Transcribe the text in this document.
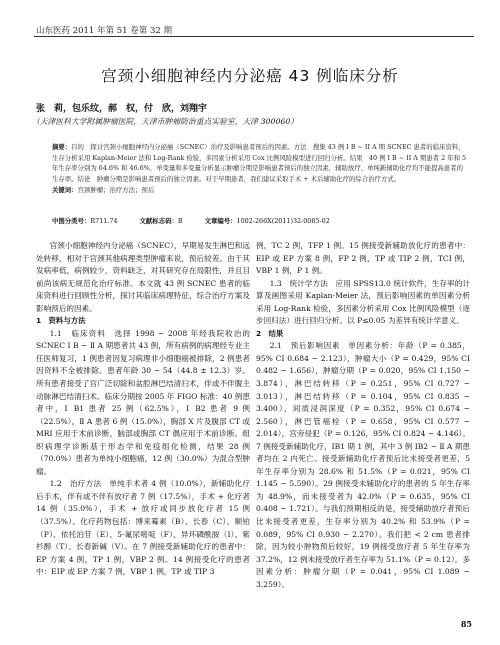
山东医药 2011 年第 51 卷第 32 期
宫颈小细胞神经内分泌癌 43 例临床分析
张　莉，包乐纹，郝　权，付　欣，刘翔宇
（天津医科大学附属肿瘤医院，天津市肿瘤防治重点实验室，天津 300060）

摘要：目的　探讨宫颈小细胞神经内分泌癌（SCNEC）治疗及影响患者预后的因素。方法　搜集 43 例 I B ~ II A 期 SCNEC 患者的临床资料，生存分析采用 Kaplan-Meier 法和 Log-Rank 检验，多因素分析采用 Cox 比例风险模型进行回归分析。结果　40 例 I B ~ II A 期患者 2 年和 5 年生存率分别为 64.6% 和 46.6%，单变量和多变量分析显示肿瘤分期是影响患者预后的独立因素，辅助放疗、单纯新辅助化疗均不能提高患者的生存率。结论　肿瘤分期是影响患者预后的独立因素。对于早期患者，我们建议采取手术 + 术后辅助化疗的综合治疗方式。

关键词：宫颈肿瘤；治疗方法；预后

中图分类号：R711.74	文献标志码：B	文章编号：1002-266X(2011)32-0085-02

宫颈小细胞神经内分泌癌（SCNEC），早期易发生淋巴和远处转移，相对于宫颈其他病理类型肿瘤来说，预后较差。由于其发病率低，病例较少，资料缺乏，对其研究存在局限性，并且目前尚该病无规范化治疗标准。本文就 43 例 SCNEC 患者的临床资料进行回顾性分析，探讨其临床病理特征、综合治疗方案及影响预后的因素。

1　资料与方法

1.1　临床资料　选择 1998 ~ 2008 年经我院收治的 SCNEC Ⅰ B ~ Ⅱ A 期患者共 43 例，所有病例的病理经专业主任医师复习，1 例患者因复习病理非小细胞癌被排除，2 例患者因资料不全被排除。患者年龄 30 ~ 54（44.8 ± 12.3）岁。所有患者接受了宫广泛切除和盆腔淋巴结清扫术，伴或不伴腹主动脉淋巴结清扫术。临床分期按 2005 年 FIGO 标准：40 例患者中，Ⅰ B1 患者 25 例（62.5%），Ⅰ B2 患者 9 例（22.5%），Ⅱ A 患者 6 例（15.0%），胸部 X 片及腹部 CT 或 MRI 应用于术前诊断，脑部或胸部 CT 偶应用于术前诊断。组织病理学诊断基于形态学和免疫组化检测，结果 28 例（70.0%）患者为单纯小细胞癌，12 例（30.0%）为混合型肿瘤。

1.2　治疗方法　单纯手术者 4 例（10.0%），新辅助化疗后手术，伴有或不伴有放疗者 7 例（17.5%），手术 + 化疗者 14 例（35.0%），手术 + 放疗或同步放化疗者 15 例（37.5%）。化疗药物包括：博来霉素（B）、长春（C）、顺铂（P）、依托泊苷（E）、5-氟尿嘧啶（F）、异环磷酰胺（I）、紫杉醇（T）、长春新碱（V）。在 7 例接受新辅助化疗的患者中：EP 方案 4 例，TP 1 例，VBP 2 例。14 例接受化疗的患者中：EIP 或 EP 方案 7 例，VBP 1 例，TP 或 TIP 3

例，TC 2 例，TFP 1 例。15 例接受新辅助放化疗的患者中：EIP 或 EP 方案 8 例，FP 2 例，TP 或 TIP 2 例，TCI 例，VBP 1 例，P 1 例。

1.3　统计学方法　应用 SPSS13.0 统计软件，生存率的计算及画图采用 Kaplan-Meier 法，预后影响因素的单因素分析采用 Log-Rank 检验，多因素分析采用 Cox 比例风险模型（逐步回归法）进行回归分析。以 P≤0.05 为差异有统计学意义。

2　结果

2.1　预后影响因素　单因素分析：年龄（P = 0.385，95% CI 0.684 ~ 2.123），肿瘤大小（P = 0.429，95% CI 0.482 ~ 1.656），肿瘤分期（P = 0.020，95% CI 1.150 ~ 3.874），淋巴结转移（P = 0.251，95% CI 0.727 ~ 3.013），淋巴结转移（P = 0.104，95% CI 0.835 ~ 3.400），间质浸润深度（P = 0.352，95% CI 0.674 ~ 2.560），淋巴管癌栓（P = 0.658，95% CI 0.577 ~ 2.014），宫旁侵犯（P = 0.126，95% CI 0.824 ~ 4.146）。7 例接受新辅助化疗，IB1 期 1 例，其中 3 例 IB2 ~ Ⅱ A 期患者均在 2 内死亡。接受新辅助化疗者预后比未接受者更差，5 年生存率分别为 28.6% 和 51.5%（P = 0.021，95% CI 1.145 ~ 5.590）。29 例接受未辅助化疗的患者的 5 年生存率为 48.9%，而未接受者为 42.0%（P = 0.635，95% CI 0.408 ~ 1.721）。与我们预期相反的是，接受辅助放疗者预后比未接受者更差，生存率分别为 40.2% 和 53.9%（P = 0.089，95% CI 0.930 ~ 2.270）。我们把 < 2 cm 患者排除，因为较小肿物预后较好，19 例接受放疗者 5 年生存率为 37.2%，12 例未接受放疗者生存率为 51.1%（P = 0.12）。多因素分析：肿瘤分期（P = 0.041，95% CI 1.089 ~ 3.259）。

85
